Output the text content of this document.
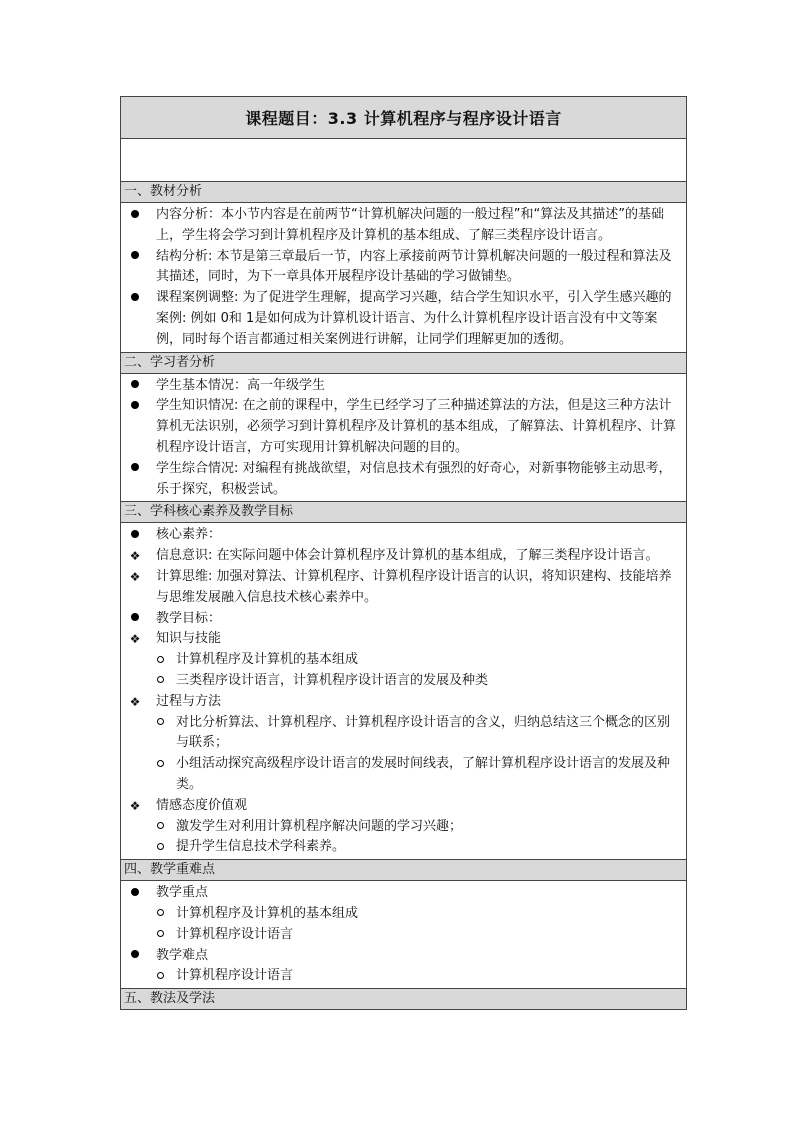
课程题目：3.3 计算机程序与程序设计语言
一、教材分析
内容分析：本小节内容是在前两节“计算机解决问题的一般过程”和“算法及其描述”的基础上，学生将会学习到计算机程序及计算机的基本组成、了解三类程序设计语言。
结构分析: 本节是第三章最后一节，内容上承接前两节计算机解决问题的一般过程和算法及其描述，同时，为下一章具体开展程序设计基础的学习做铺垫。
课程案例调整: 为了促进学生理解，提高学习兴趣，结合学生知识水平，引入学生感兴趣的案例: 例如 0和 1是如何成为计算机设计语言、为什么计算机程序设计语言没有中文等案例，同时每个语言都通过相关案例进行讲解，让同学们理解更加的透彻。
二、学习者分析
学生基本情况：高一年级学生
学生知识情况: 在之前的课程中，学生已经学习了三种描述算法的方法，但是这三种方法计算机无法识别，必须学习到计算机程序及计算机的基本组成，了解算法、计算机程序、计算机程序设计语言，方可实现用计算机解决问题的目的。
学生综合情况: 对编程有挑战欲望，对信息技术有强烈的好奇心，对新事物能够主动思考，乐于探究，积极尝试。
三、学科核心素养及教学目标
核心素养：
❖ 信息意识: 在实际问题中体会计算机程序及计算机的基本组成，了解三类程序设计语言。
❖ 计算思维: 加强对算法、计算机程序、计算机程序设计语言的认识，将知识建构、技能培养与思维发展融入信息技术核心素养中。
教学目标：
❖ 知识与技能
计算机程序及计算机的基本组成
三类程序设计语言，计算机程序设计语言的发展及种类
❖ 过程与方法
对比分析算法、计算机程序、计算机程序设计语言的含义，归纳总结这三个概念的区别与联系；
小组活动探究高级程序设计语言的发展时间线表，了解计算机程序设计语言的发展及种类。
❖ 情感态度价值观
激发学生对利用计算机程序解决问题的学习兴趣；
提升学生信息技术学科素养。
四、教学重难点
教学重点
计算机程序及计算机的基本组成
计算机程序设计语言
教学难点
计算机程序设计语言
五、教法及学法
